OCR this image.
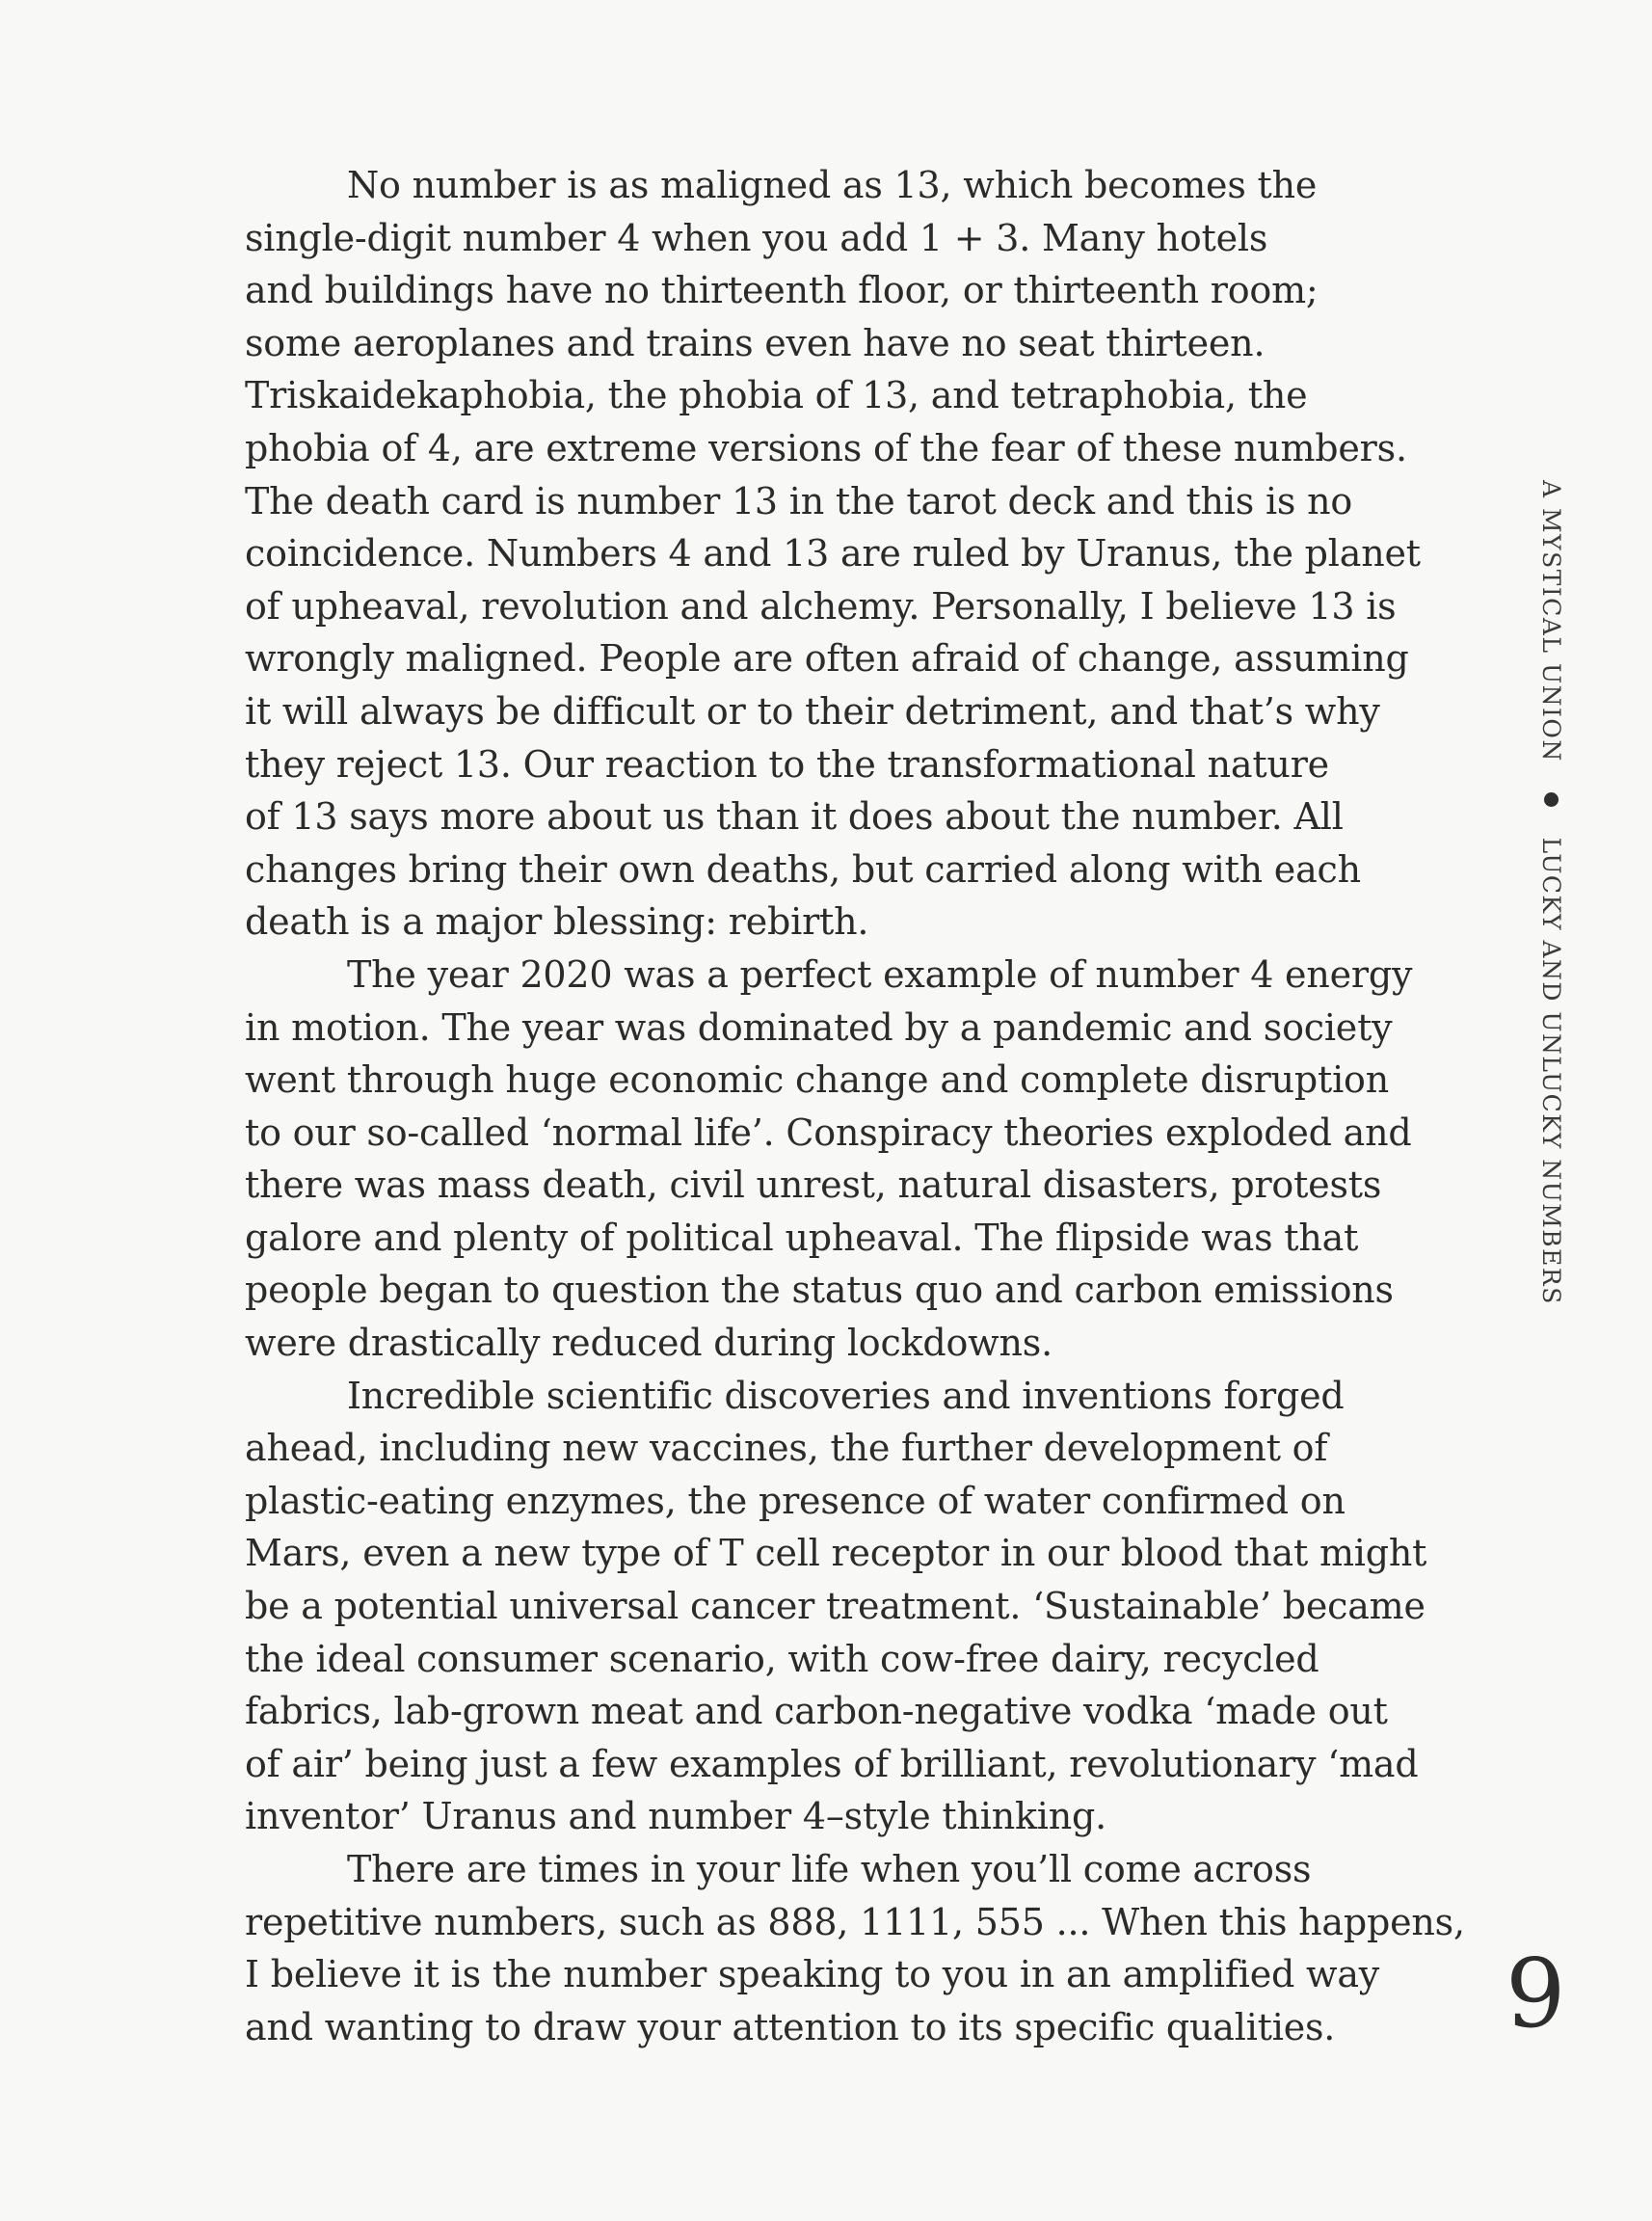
No number is as maligned as 13, which becomes the
single-digit number 4 when you add 1 + 3. Many hotels
and buildings have no thirteenth floor, or thirteenth room;
some aeroplanes and trains even have no seat thirteen.
Triskaidekaphobia, the phobia of 13, and tetraphobia, the
phobia of 4, are extreme versions of the fear of these numbers.
The death card is number 13 in the tarot deck and this is no
coincidence. Numbers 4 and 13 are ruled by Uranus, the planet
of upheaval, revolution and alchemy. Personally, I believe 13 is
wrongly maligned. People are often afraid of change, assuming
it will always be difficult or to their detriment, and that’s why
they reject 13. Our reaction to the transformational nature
of 13 says more about us than it does about the number. All
changes bring their own deaths, but carried along with each
death is a major blessing: rebirth.
The year 2020 was a perfect example of number 4 energy
in motion. The year was dominated by a pandemic and society
went through huge economic change and complete disruption
to our so-called ‘normal life’. Conspiracy theories exploded and
there was mass death, civil unrest, natural disasters, protests
galore and plenty of political upheaval. The flipside was that
people began to question the status quo and carbon emissions
were drastically reduced during lockdowns.
Incredible scientific discoveries and inventions forged
ahead, including new vaccines, the further development of
plastic-eating enzymes, the presence of water confirmed on
Mars, even a new type of T cell receptor in our blood that might
be a potential universal cancer treatment. ‘Sustainable’ became
the ideal consumer scenario, with cow-free dairy, recycled
fabrics, lab-grown meat and carbon-negative vodka ‘made out
of air’ being just a few examples of brilliant, revolutionary ‘mad
inventor’ Uranus and number 4–style thinking.
There are times in your life when you’ll come across
repetitive numbers, such as 888, 1111, 555 ... When this happens,
I believe it is the number speaking to you in an amplified way
and wanting to draw your attention to its specific qualities.
A MYSTICAL UNION  LUCKY AND UNLUCKY NUMBERS
9
